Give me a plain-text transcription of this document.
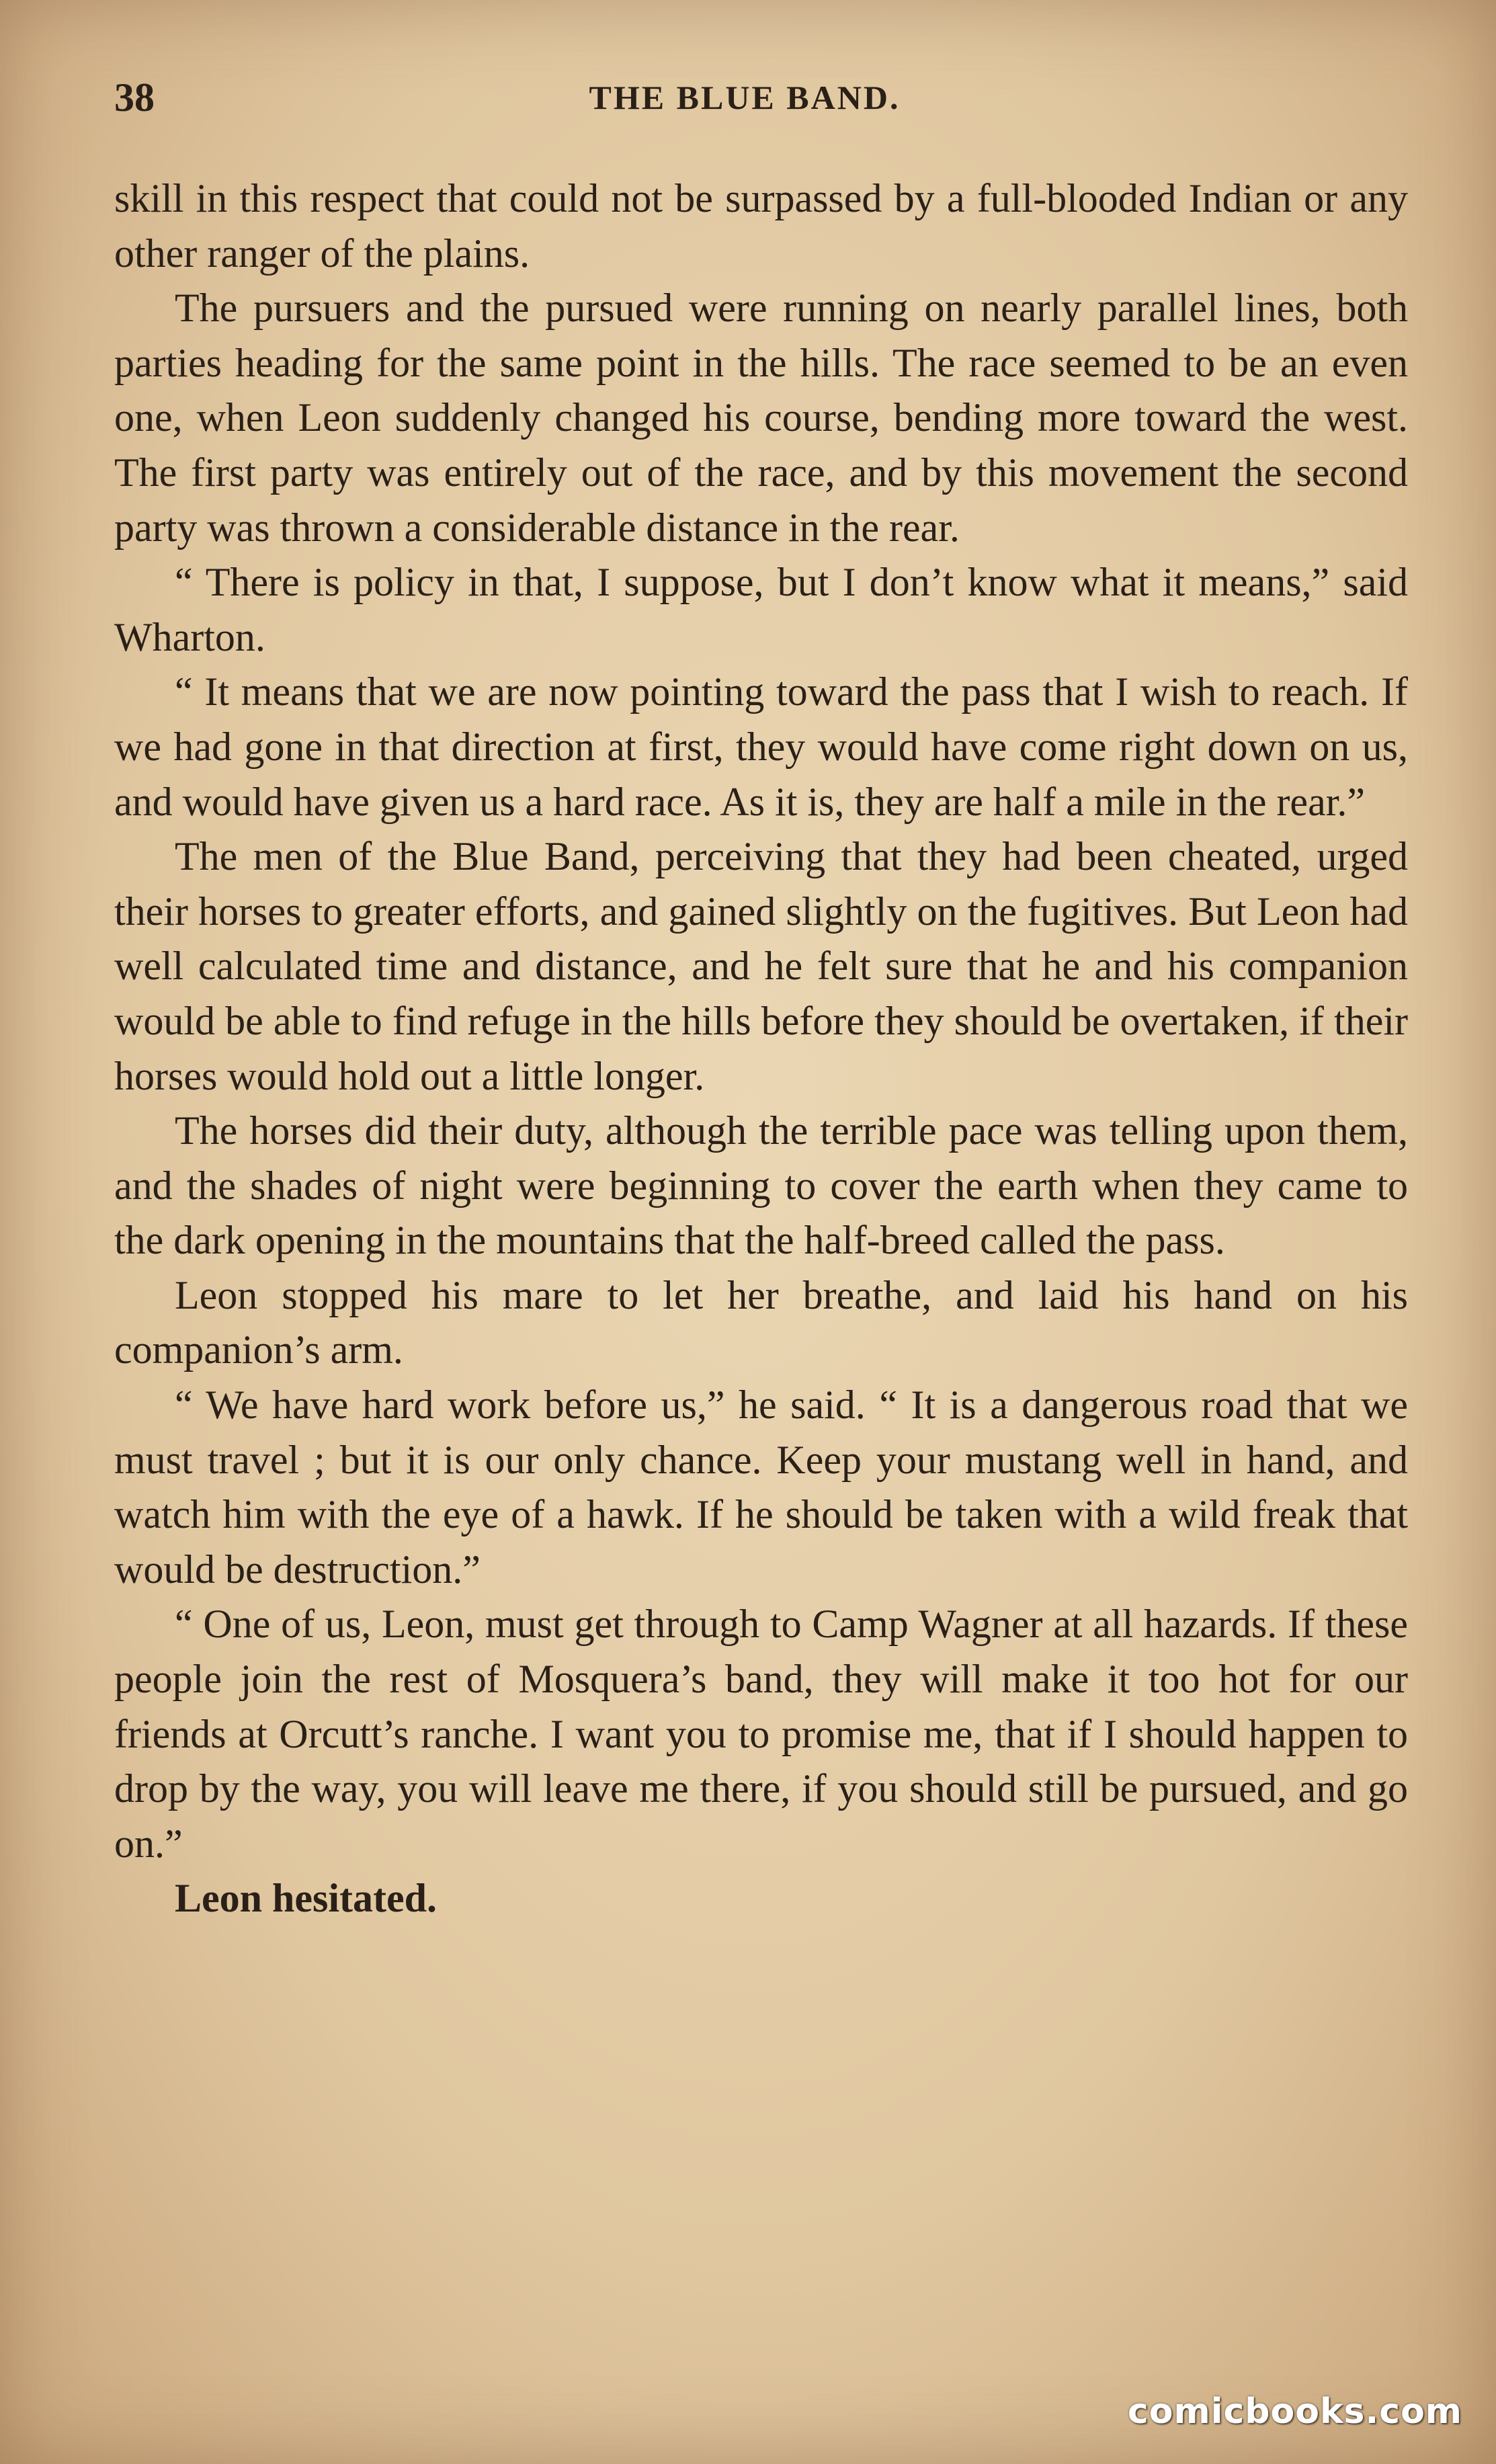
38	THE BLUE BAND.

skill in this respect that could not be surpassed by a full-blooded Indian or any other ranger of the plains.

The pursuers and the pursued were running on nearly parallel lines, both parties heading for the same point in the hills. The race seemed to be an even one, when Leon suddenly changed his course, bending more toward the west. The first party was entirely out of the race, and by this movement the second party was thrown a considerable distance in the rear.

“ There is policy in that, I suppose, but I don’t know what it means,” said Wharton.

“ It means that we are now pointing toward the pass that I wish to reach. If we had gone in that direction at first, they would have come right down on us, and would have given us a hard race. As it is, they are half a mile in the rear.”

The men of the Blue Band, perceiving that they had been cheated, urged their horses to greater efforts, and gained slightly on the fugitives. But Leon had well calculated time and distance, and he felt sure that he and his companion would be able to find refuge in the hills before they should be overtaken, if their horses would hold out a little longer.

The horses did their duty, although the terrible pace was telling upon them, and the shades of night were beginning to cover the earth when they came to the dark opening in the mountains that the half-breed called the pass.

Leon stopped his mare to let her breathe, and laid his hand on his companion’s arm.

“ We have hard work before us,” he said. “ It is a dangerous road that we must travel ; but it is our only chance. Keep your mustang well in hand, and watch him with the eye of a hawk. If he should be taken with a wild freak that would be destruction.”

“ One of us, Leon, must get through to Camp Wagner at all hazards. If these people join the rest of Mosquera’s band, they will make it too hot for our friends at Orcutt’s ranche. I want you to promise me, that if I should happen to drop by the way, you will leave me there, if you should still be pursued, and go on.”

Leon hesitated.

comicbooks.com
